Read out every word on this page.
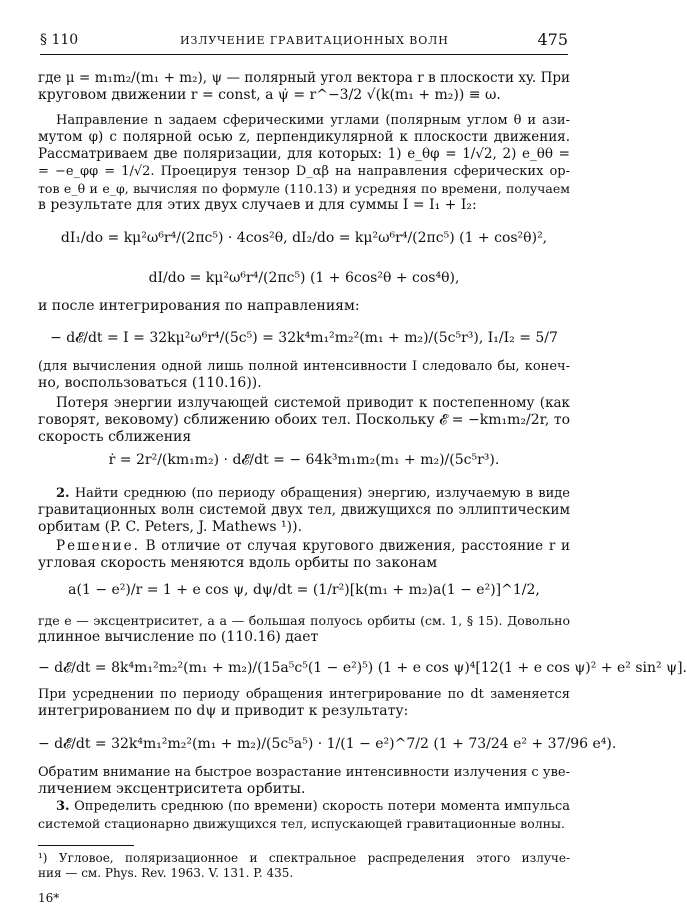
§ 110	ИЗЛУЧЕНИЕ ГРАВИТАЦИОННЫХ ВОЛН	475
где μ = m₁m₂/(m₁ + m₂), ψ — полярный угол вектора r в плоскости xy. При
круговом движении r = const, а ψ̇ = r^−3/2 √(k(m₁ + m₂)) ≡ ω.
Направление n задаем сферическими углами (полярным углом θ и ази-
мутом φ) с полярной осью z, перпендикулярной к плоскости движения.
Рассматриваем две поляризации, для которых: 1) e_θφ = 1/√2, 2) e_θθ =
= −e_φφ = 1/√2. Проецируя тензор D_αβ на направления сферических ор-
тов e_θ и e_φ, вычисляя по формуле (110.13) и усредняя по времени, получаем
в результате для этих двух случаев и для суммы I = I₁ + I₂:
dI₁/do = kμ²ω⁶r⁴/(2πc⁵) · 4cos²θ, dI₂/do = kμ²ω⁶r⁴/(2πc⁵) (1 + cos²θ)²,
dI/do = kμ²ω⁶r⁴/(2πc⁵) (1 + 6cos²θ + cos⁴θ),
и после интегрирования по направлениям:
− d𝓔/dt = I = 32kμ²ω⁶r⁴/(5c⁵) = 32k⁴m₁²m₂²(m₁ + m₂)/(5c⁵r³), I₁/I₂ = 5/7
(для вычисления одной лишь полной интенсивности I следовало бы, конеч-
но, воспользоваться (110.16)).
Потеря энергии излучающей системой приводит к постепенному (как
говорят, вековому) сближению обоих тел. Поскольку 𝓔 = −km₁m₂/2r, то
скорость сближения
ṙ = 2r²/(km₁m₂) · d𝓔/dt = − 64k³m₁m₂(m₁ + m₂)/(5c⁵r³).
2. Найти среднюю (по периоду обращения) энергию, излучаемую в виде
гравитационных волн системой двух тел, движущихся по эллиптическим
орбитам (P. C. Peters, J. Mathews ¹)).
Решение. В отличие от случая кругового движения, расстояние r и
угловая скорость меняются вдоль орбиты по законам
a(1 − e²)/r = 1 + e cos ψ, dψ/dt = (1/r²)[k(m₁ + m₂)a(1 − e²)]^1/2,
где e — эксцентриситет, а a — большая полуось орбиты (см. 1, § 15). Довольно
длинное вычисление по (110.16) дает
− d𝓔/dt = 8k⁴m₁²m₂²(m₁ + m₂)/(15a⁵c⁵(1 − e²)⁵) (1 + e cos ψ)⁴[12(1 + e cos ψ)² + e² sin² ψ].
При усреднении по периоду обращения интегрирование по dt заменяется
интегрированием по dψ и приводит к результату:
− d𝓔̄/dt = 32k⁴m₁²m₂²(m₁ + m₂)/(5c⁵a⁵) · 1/(1 − e²)^7/2 (1 + 73/24 e² + 37/96 e⁴).
Обратим внимание на быстрое возрастание интенсивности излучения с уве-
личением эксцентриситета орбиты.
3. Определить среднюю (по времени) скорость потери момента импульса
системой стационарно движущихся тел, испускающей гравитационные волны.
¹) Угловое, поляризационное и спектральное распределения этого излуче-
ния — см. Phys. Rev. 1963. V. 131. P. 435.
16*
